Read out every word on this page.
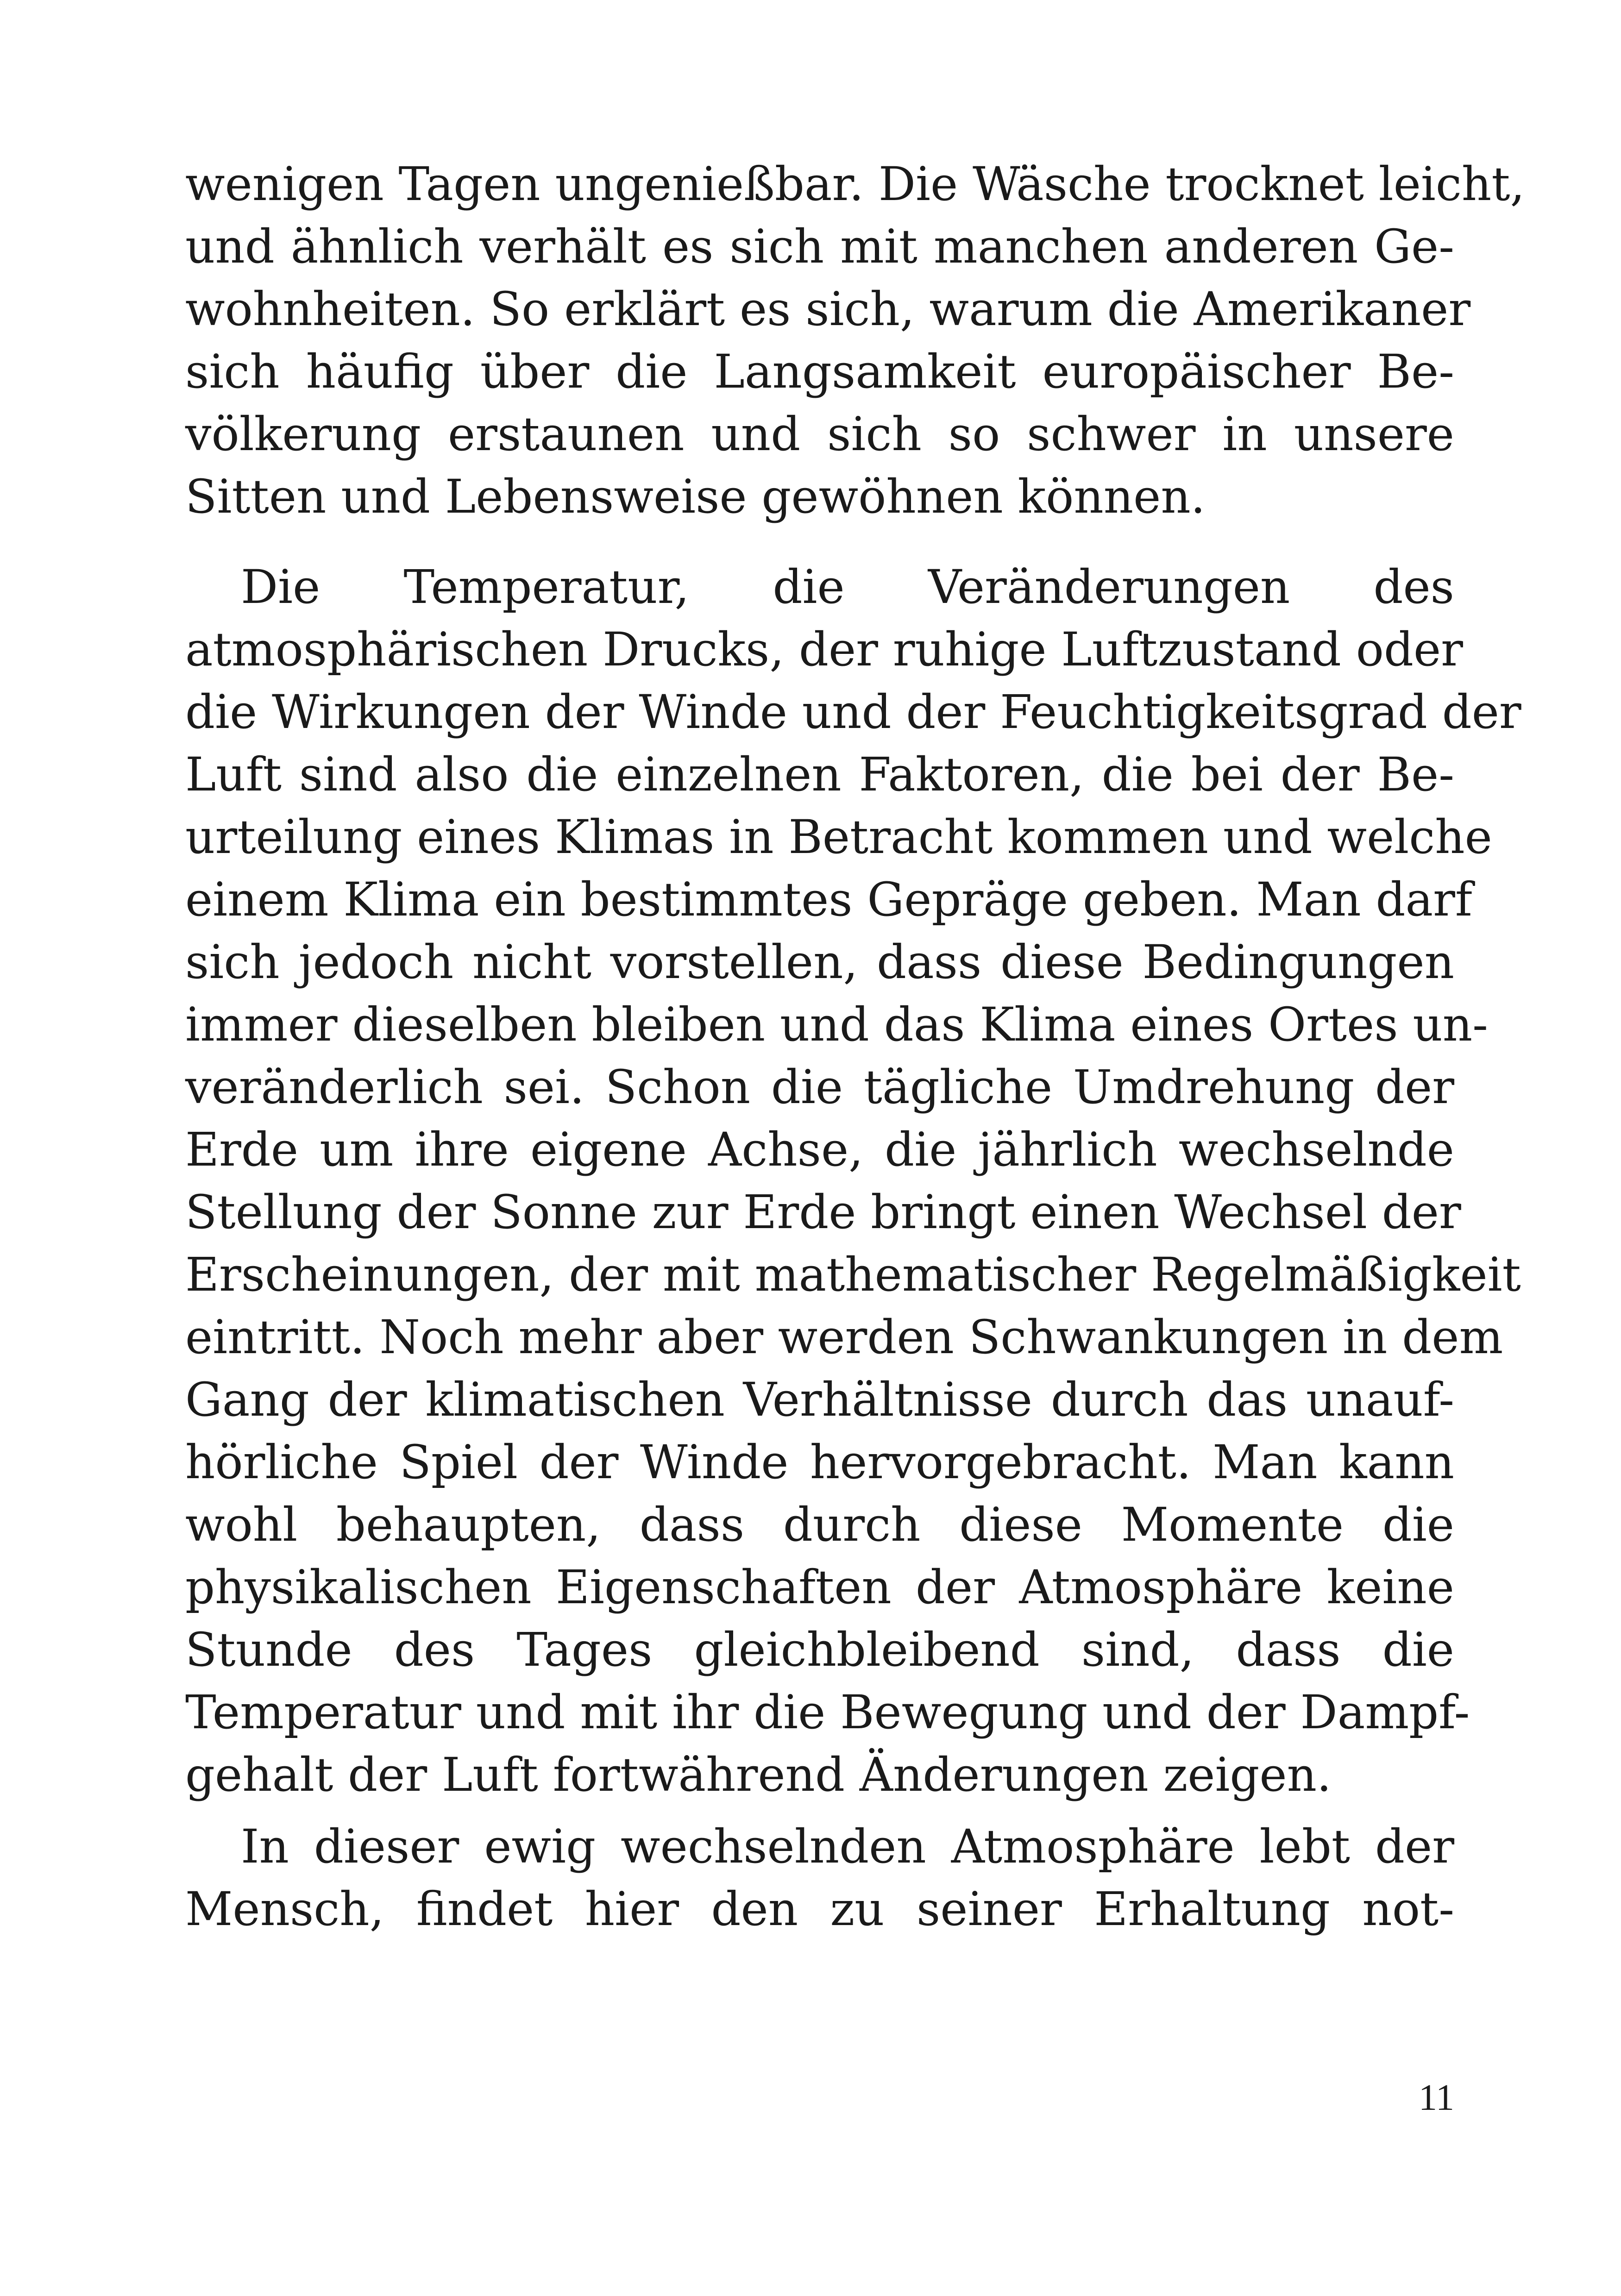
wenigen Tagen ungenießbar. Die Wäsche trocknet leicht,
und ähnlich verhält es sich mit manchen anderen Ge-
wohnheiten. So erklärt es sich, warum die Amerikaner
sich häufig über die Langsamkeit europäischer Be-
völkerung erstaunen und sich so schwer in unsere
Sitten und Lebensweise gewöhnen können.
Die Temperatur, die Veränderungen des
atmosphärischen Drucks, der ruhige Luftzustand oder
die Wirkungen der Winde und der Feuchtigkeitsgrad der
Luft sind also die einzelnen Faktoren, die bei der Be-
urteilung eines Klimas in Betracht kommen und welche
einem Klima ein bestimmtes Gepräge geben. Man darf
sich jedoch nicht vorstellen, dass diese Bedingungen
immer dieselben bleiben und das Klima eines Ortes un-
veränderlich sei. Schon die tägliche Umdrehung der
Erde um ihre eigene Achse, die jährlich wechselnde
Stellung der Sonne zur Erde bringt einen Wechsel der
Erscheinungen, der mit mathematischer Regelmäßigkeit
eintritt. Noch mehr aber werden Schwankungen in dem
Gang der klimatischen Verhältnisse durch das unauf-
hörliche Spiel der Winde hervorgebracht. Man kann
wohl behaupten, dass durch diese Momente die
physikalischen Eigenschaften der Atmosphäre keine
Stunde des Tages gleichbleibend sind, dass die
Temperatur und mit ihr die Bewegung und der Dampf-
gehalt der Luft fortwährend Änderungen zeigen.
In dieser ewig wechselnden Atmosphäre lebt der
Mensch, findet hier den zu seiner Erhaltung not-
11
